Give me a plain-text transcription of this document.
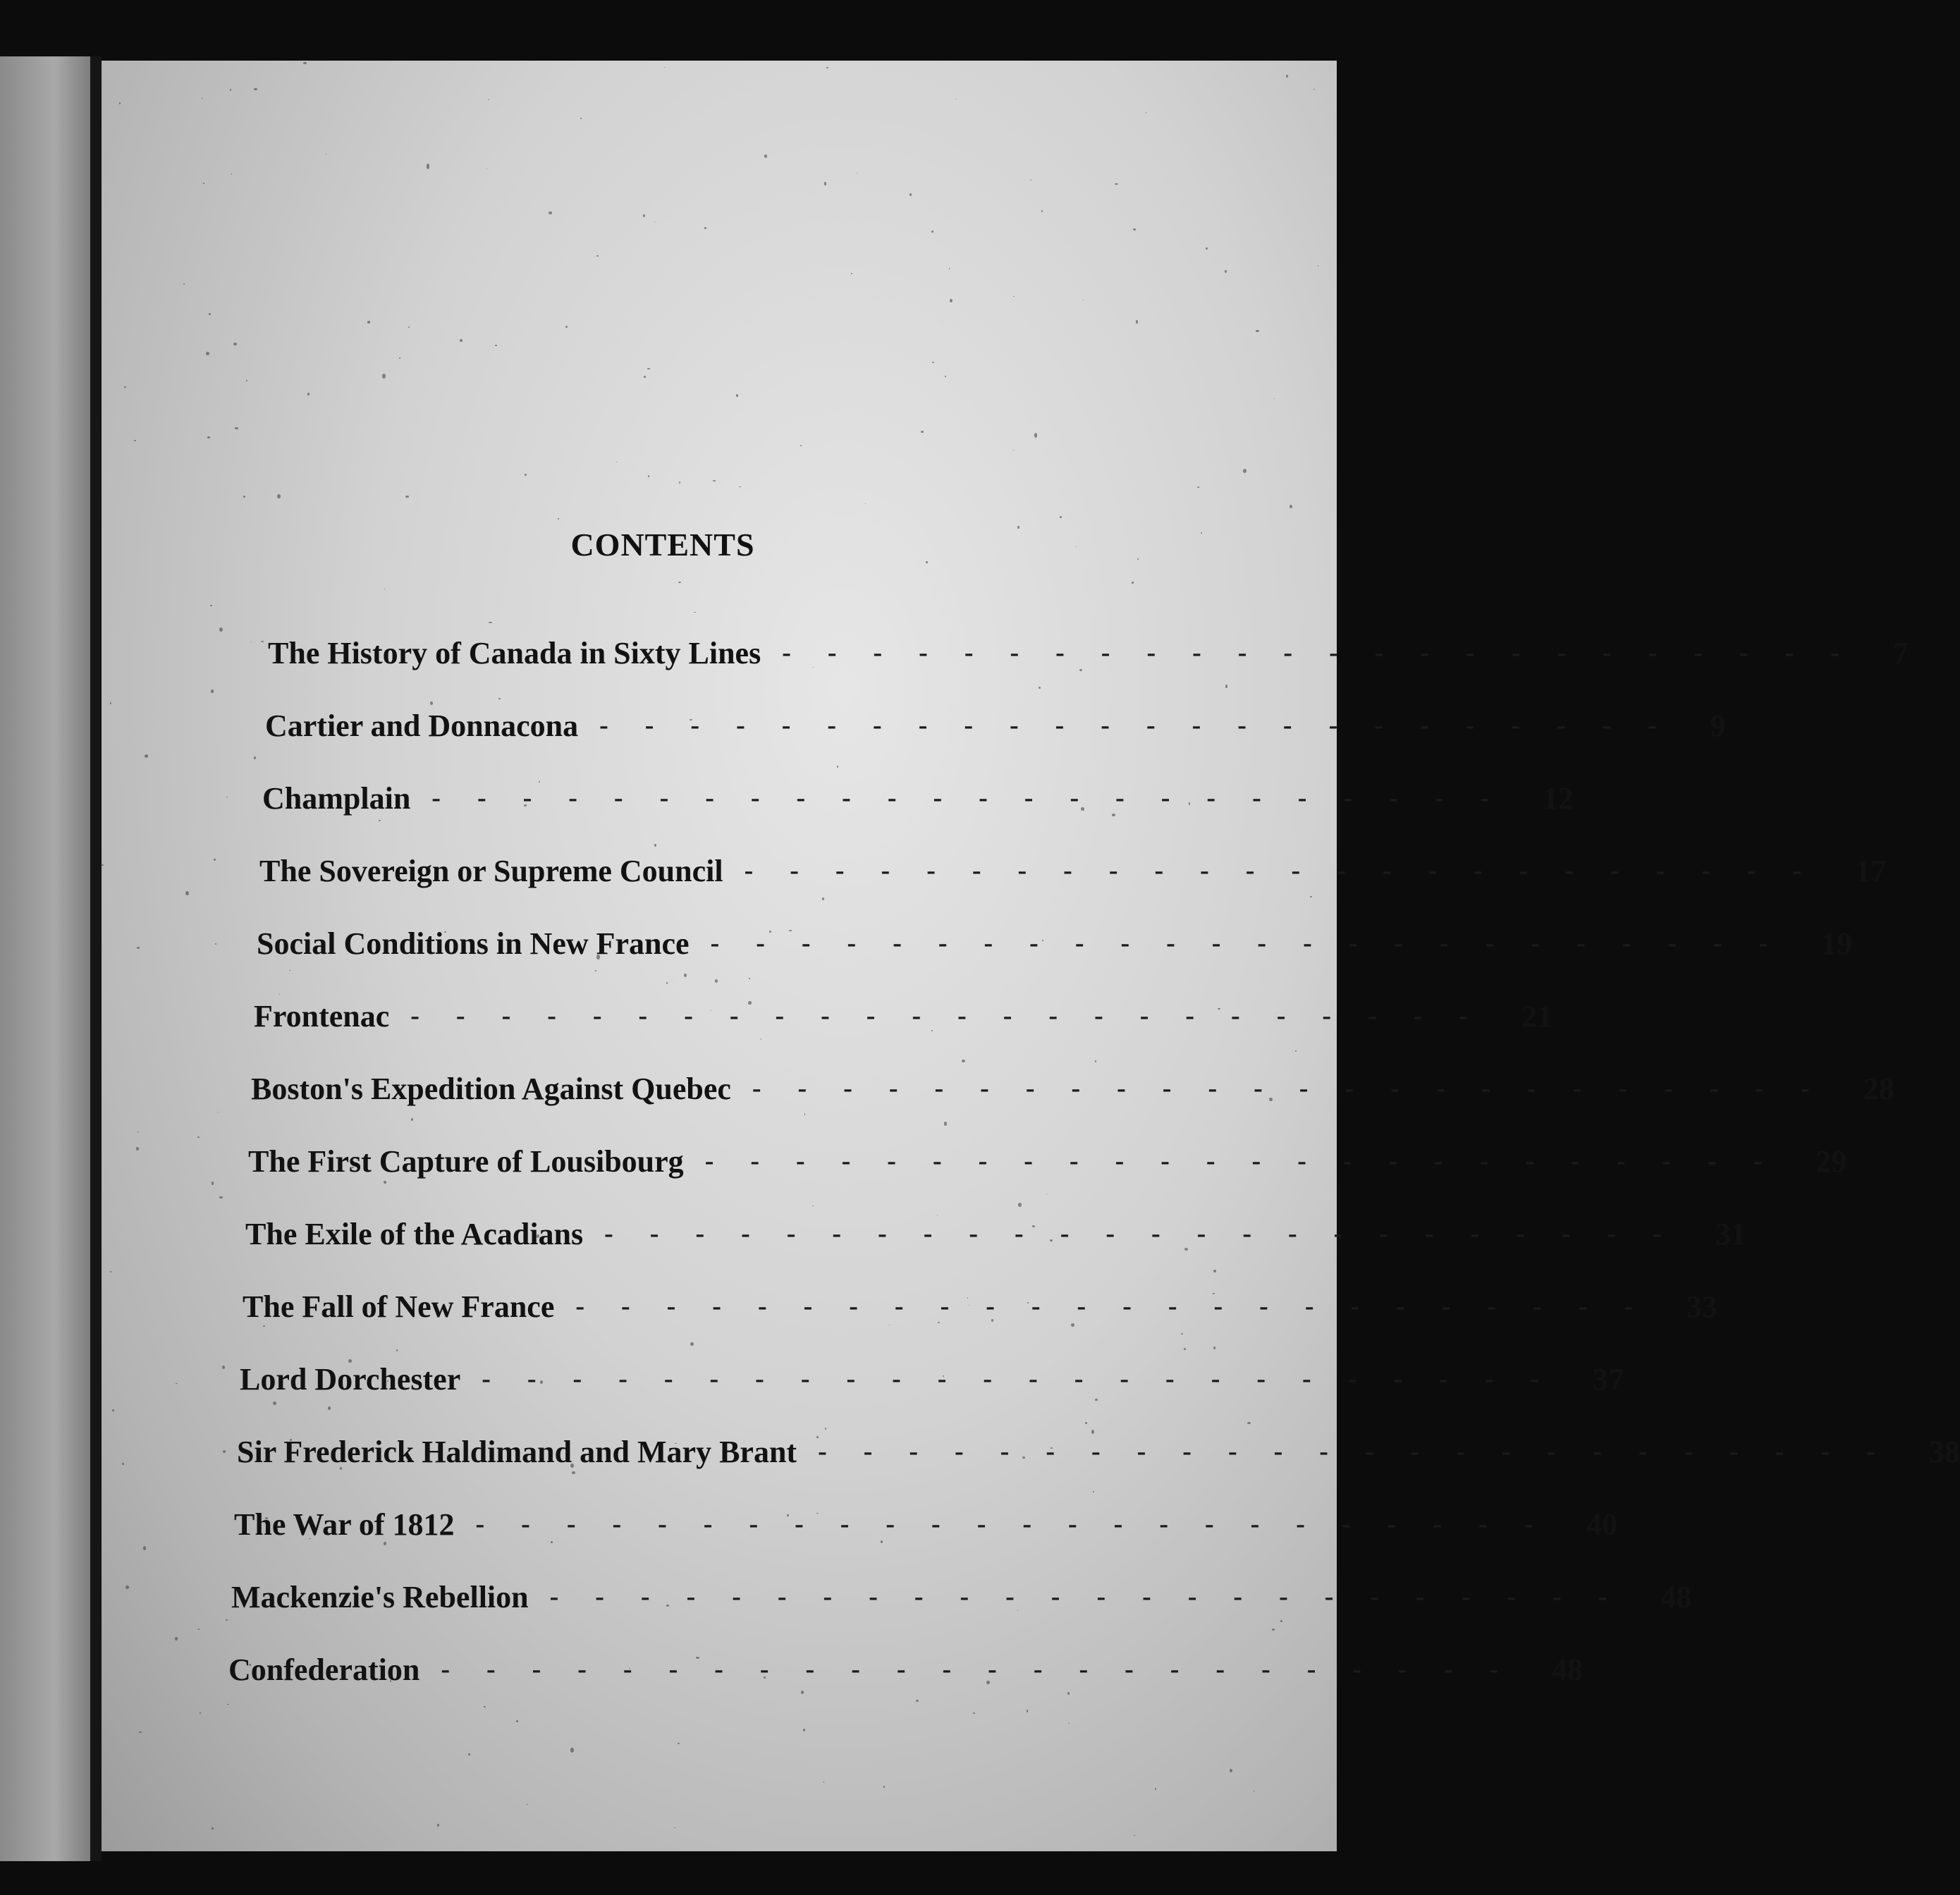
CONTENTS
The History of Canada in Sixty Lines ------------------------ 7
Cartier and Donnacona ------------------------ 9
Champlain ------------------------ 12
The Sovereign or Supreme Council ------------------------ 17
Social Conditions in New France ------------------------ 19
Frontenac ------------------------ 21
Boston's Expedition Against Quebec ------------------------ 28
The First Capture of Lousibourg ------------------------ 29
The Exile of the Acadians ------------------------ 31
The Fall of New France ------------------------ 33
Lord Dorchester ------------------------ 37
Sir Frederick Haldimand and Mary Brant ------------------------ 38
The War of 1812 ------------------------ 40
Mackenzie's Rebellion ------------------------ 48
Confederation ------------------------ 48
